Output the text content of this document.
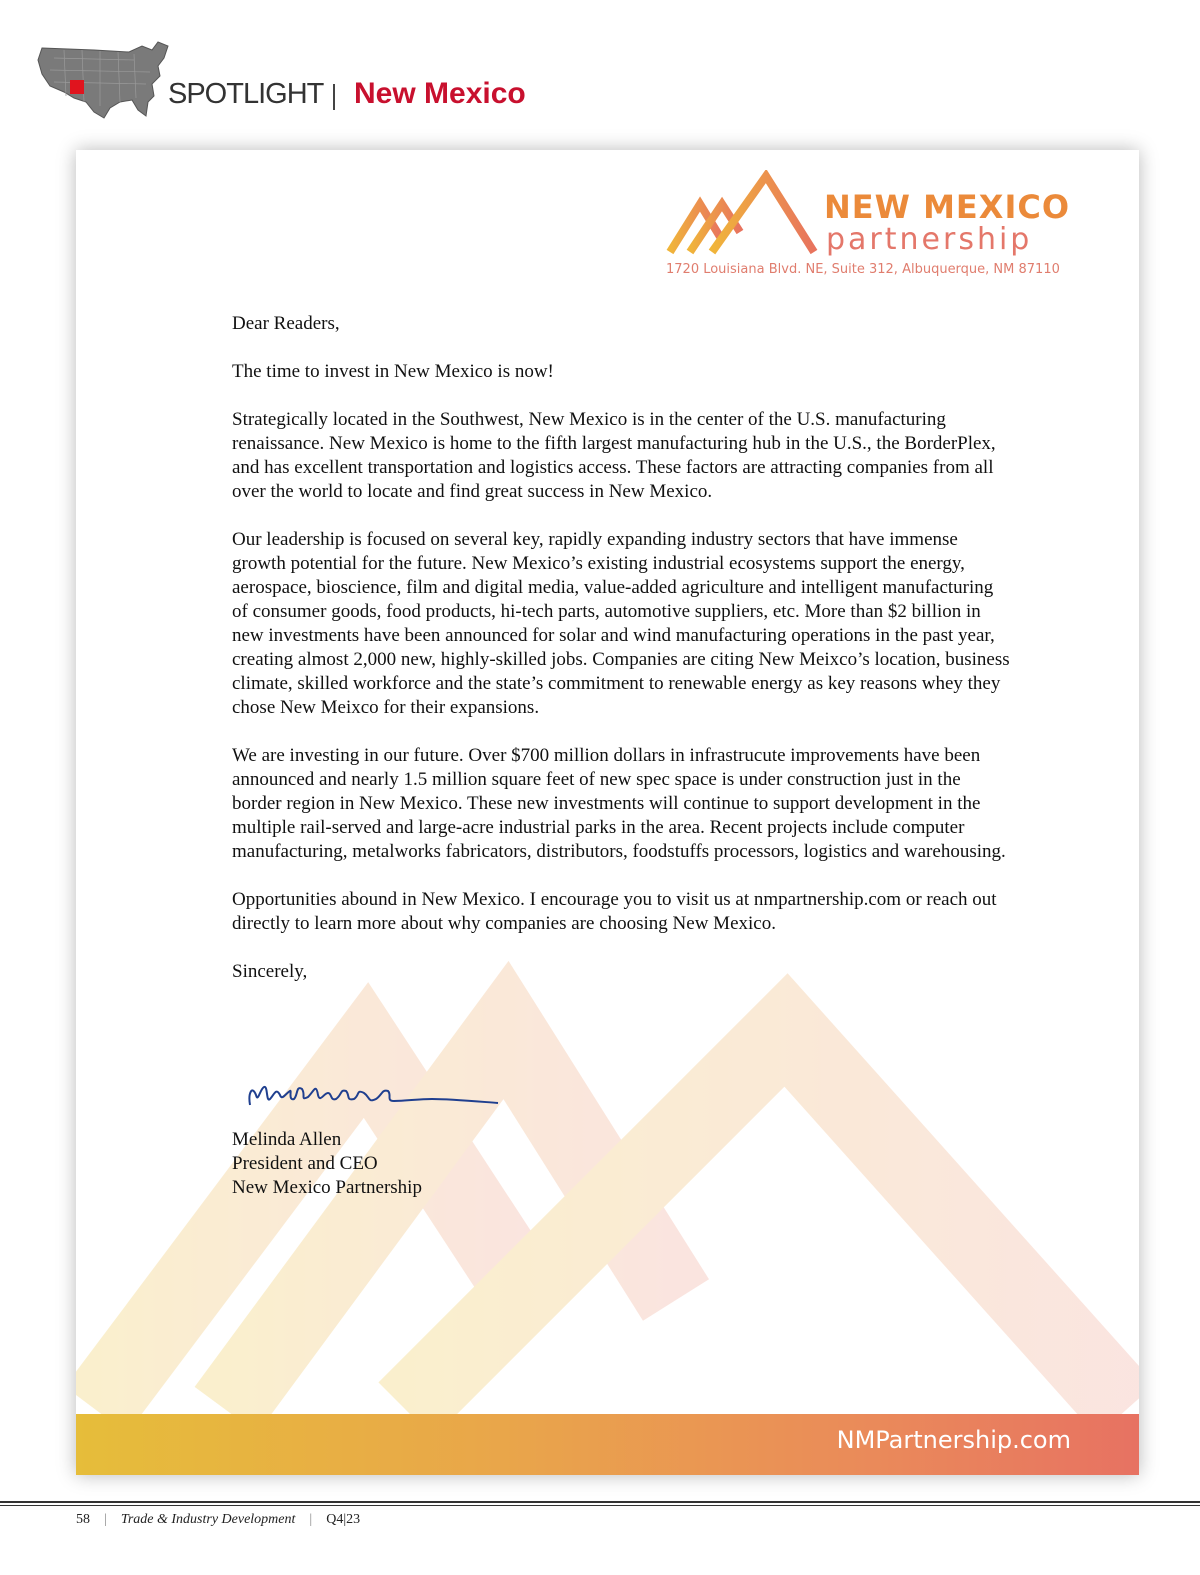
SPOTLIGHT New Mexico
NEW MEXICO
partnership
1720 Louisiana Blvd. NE, Suite 312, Albuquerque, NM 87110

Dear Readers,

The time to invest in New Mexico is now!

Strategically located in the Southwest, New Mexico is in the center of the U.S. manufacturing renaissance. New Mexico is home to the fifth largest manufacturing hub in the U.S., the BorderPlex, and has excellent transportation and logistics access. These factors are attracting companies from all over the world to locate and find great success in New Mexico.

Our leadership is focused on several key, rapidly expanding industry sectors that have immense growth potential for the future. New Mexico’s existing industrial ecosystems support the energy, aerospace, bioscience, film and digital media, value-added agriculture and intelligent manufacturing of consumer goods, food products, hi-tech parts, automotive suppliers, etc. More than $2 billion in new investments have been announced for solar and wind manufacturing operations in the past year, creating almost 2,000 new, highly-skilled jobs. Companies are citing New Meixco’s location, business climate, skilled workforce and the state’s commitment to renewable energy as key reasons whey they chose New Meixco for their expansions.

We are investing in our future. Over $700 million dollars in infrastrucute improvements have been announced and nearly 1.5 million square feet of new spec space is under construction just in the border region in New Mexico. These new investments will continue to support development in the multiple rail-served and large-acre industrial parks in the area. Recent projects include computer manufacturing, metalworks fabricators, distributors, foodstuffs processors, logistics and warehousing.

Opportunities abound in New Mexico. I encourage you to visit us at nmpartnership.com or reach out directly to learn more about why companies are choosing New Mexico.

Sincerely,

Melinda Allen
President and CEO
New Mexico Partnership
NMPartnership.com
58 | Trade & Industry Development | Q4|23
